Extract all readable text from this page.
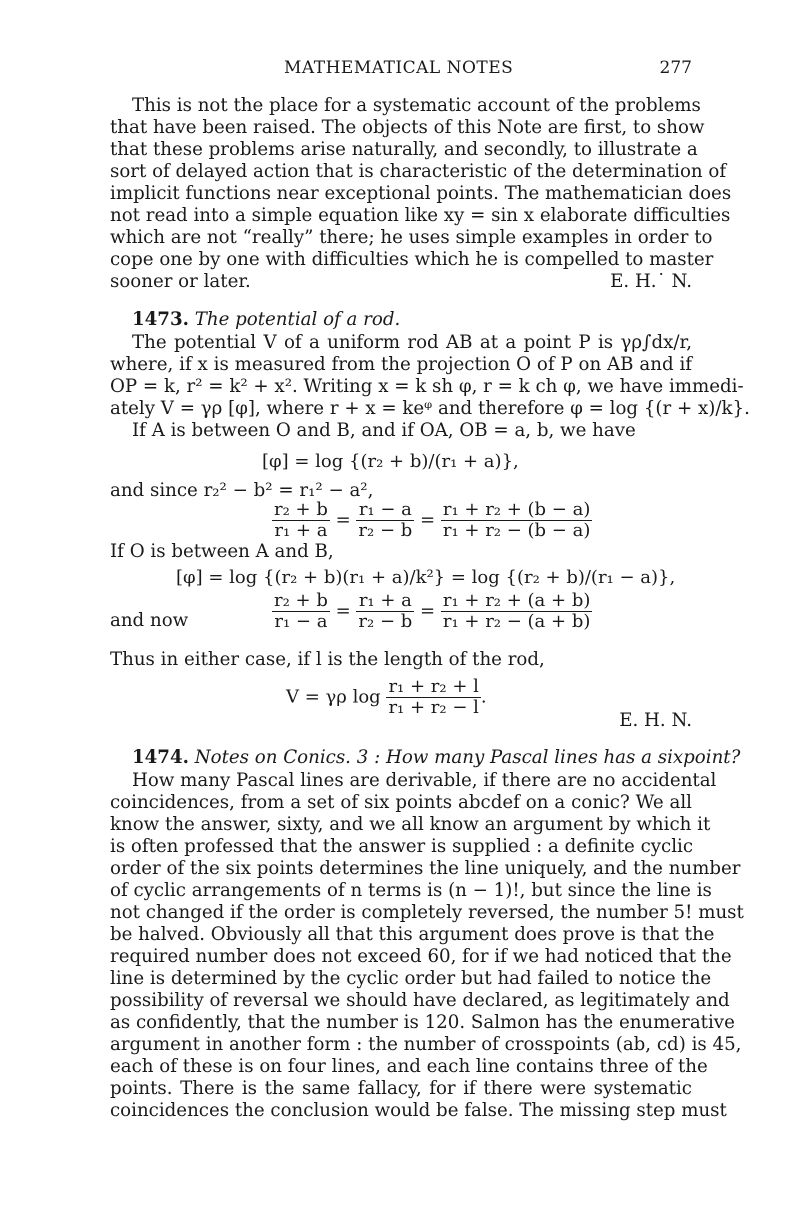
MATHEMATICAL NOTES	277
This is not the place for a systematic account of the problems
that have been raised. The objects of this Note are first, to show
that these problems arise naturally, and secondly, to illustrate a
sort of delayed action that is characteristic of the determination of
implicit functions near exceptional points. The mathematician does
not read into a simple equation like xy = sin x elaborate difficulties
which are not “really” there; he uses simple examples in order to
cope one by one with difficulties which he is compelled to master
sooner or later.	E. H.˙ N.
1473. The potential of a rod.
The potential V of a uniform rod AB at a point P is γρ∫dx/r,
where, if x is measured from the projection O of P on AB and if
OP = k, r² = k² + x². Writing x = k sh φ, r = k ch φ, we have immedi-
ately V = γρ [φ], where r + x = keᵠ and therefore φ = log {(r + x)/k}.
If A is between O and B, and if OA, OB = a, b, we have
[φ] = log {(r₂ + b)/(r₁ + a)},
and since r₂² − b² = r₁² − a²,
$\frac{\text{r₂ + b}}{\text{r₁ + a}} = \frac{\text{r₁ − a}}{\text{r₂ − b}} = \frac{\text{r₁ + r₂ + (b − a)}}{\text{r₁ + r₂ − (b − a)}}$
If O is between A and B,
[φ] = log {(r₂ + b)(r₁ + a)/k²} = log {(r₂ + b)/(r₁ − a)},
and now	$\frac{\text{r₂ + b}}{\text{r₁ − a}} = \frac{\text{r₁ + a}}{\text{r₂ − b}} = \frac{\text{r₁ + r₂ + (a + b)}}{\text{r₁ + r₂ − (a + b)}}$
Thus in either case, if l is the length of the rod,
V = γρ $\log \frac{\text{r₁ + r₂ + l}}{\text{r₁ + r₂ − l}}$ .
E. H. N.
1474. Notes on Conics. 3 : How many Pascal lines has a sixpoint?
How many Pascal lines are derivable, if there are no accidental
coincidences, from a set of six points abcdef on a conic? We all
know the answer, sixty, and we all know an argument by which it
is often professed that the answer is supplied : a definite cyclic
order of the six points determines the line uniquely, and the number
of cyclic arrangements of n terms is (n − 1)!, but since the line is
not changed if the order is completely reversed, the number 5! must
be halved. Obviously all that this argument does prove is that the
required number does not exceed 60, for if we had noticed that the
line is determined by the cyclic order but had failed to notice the
possibility of reversal we should have declared, as legitimately and
as confidently, that the number is 120. Salmon has the enumerative
argument in another form : the number of crosspoints (ab, cd) is 45,
each of these is on four lines, and each line contains three of the
points. There is the same fallacy, for if there were systematic
coincidences the conclusion would be false. The missing step must
